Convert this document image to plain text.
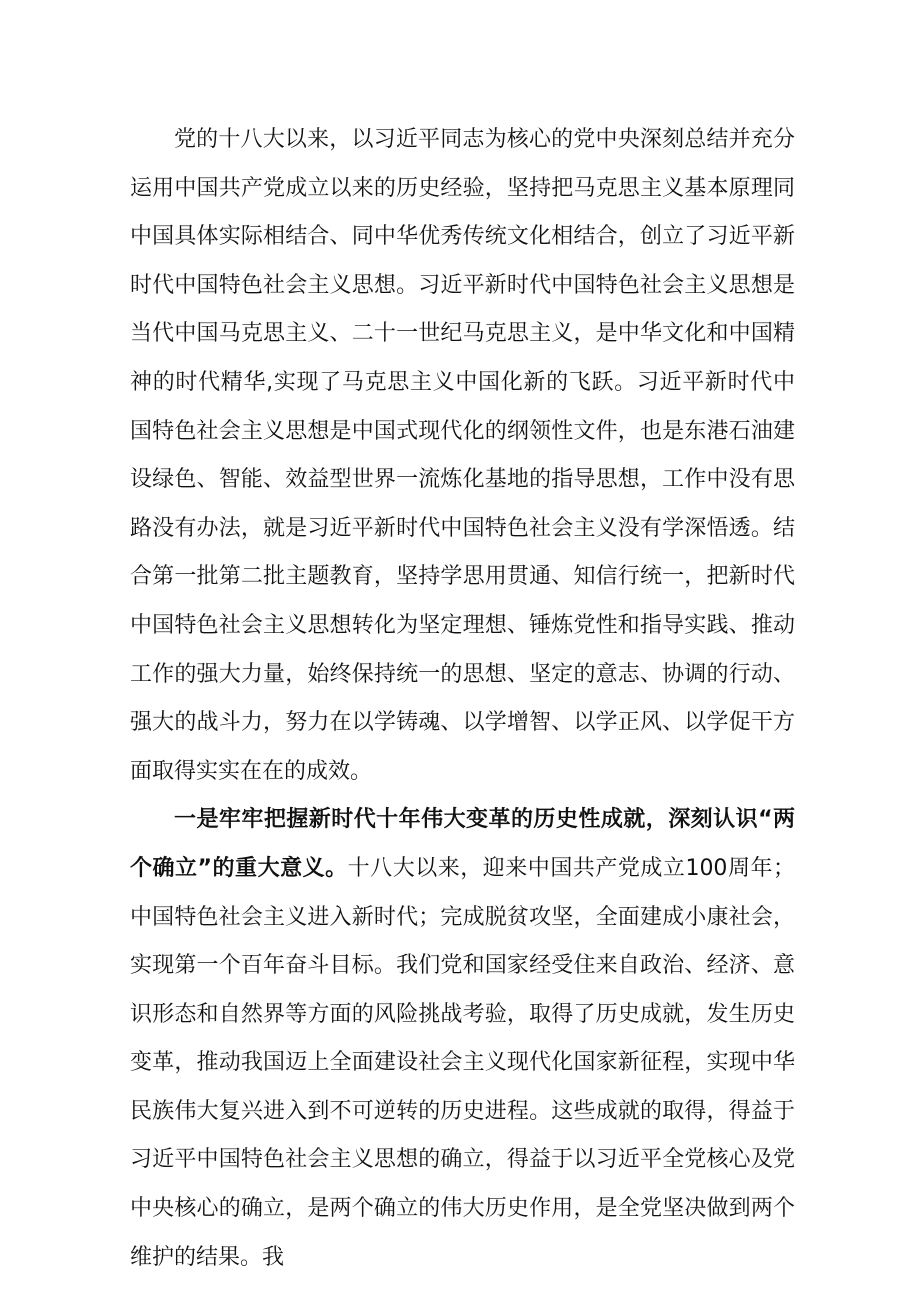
党的十八大以来，以习近平同志为核心的党中央深刻总结并充分运用中国共产党成立以来的历史经验，坚持把马克思主义基本原理同中国具体实际相结合、同中华优秀传统文化相结合，创立了习近平新时代中国特色社会主义思想。习近平新时代中国特色社会主义思想是当代中国马克思主义、二十一世纪马克思主义，是中华文化和中国精神的时代精华,实现了马克思主义中国化新的飞跃。习近平新时代中国特色社会主义思想是中国式现代化的纲领性文件，也是东港石油建设绿色、智能、效益型世界一流炼化基地的指导思想，工作中没有思路没有办法，就是习近平新时代中国特色社会主义没有学深悟透。结合第一批第二批主题教育，坚持学思用贯通、知信行统一，把新时代中国特色社会主义思想转化为坚定理想、锤炼党性和指导实践、推动工作的强大力量，始终保持统一的思想、坚定的意志、协调的行动、强大的战斗力，努力在以学铸魂、以学增智、以学正风、以学促干方面取得实实在在的成效。

一是牢牢把握新时代十年伟大变革的历史性成就，深刻认识“两个确立”的重大意义。十八大以来，迎来中国共产党成立100周年；中国特色社会主义进入新时代；完成脱贫攻坚，全面建成小康社会，实现第一个百年奋斗目标。我们党和国家经受住来自政治、经济、意识形态和自然界等方面的风险挑战考验，取得了历史成就，发生历史变革，推动我国迈上全面建设社会主义现代化国家新征程，实现中华民族伟大复兴进入到不可逆转的历史进程。这些成就的取得，得益于习近平中国特色社会主义思想的确立，得益于以习近平全党核心及党中央核心的确立，是两个确立的伟大历史作用，是全党坚决做到两个维护的结果。我
